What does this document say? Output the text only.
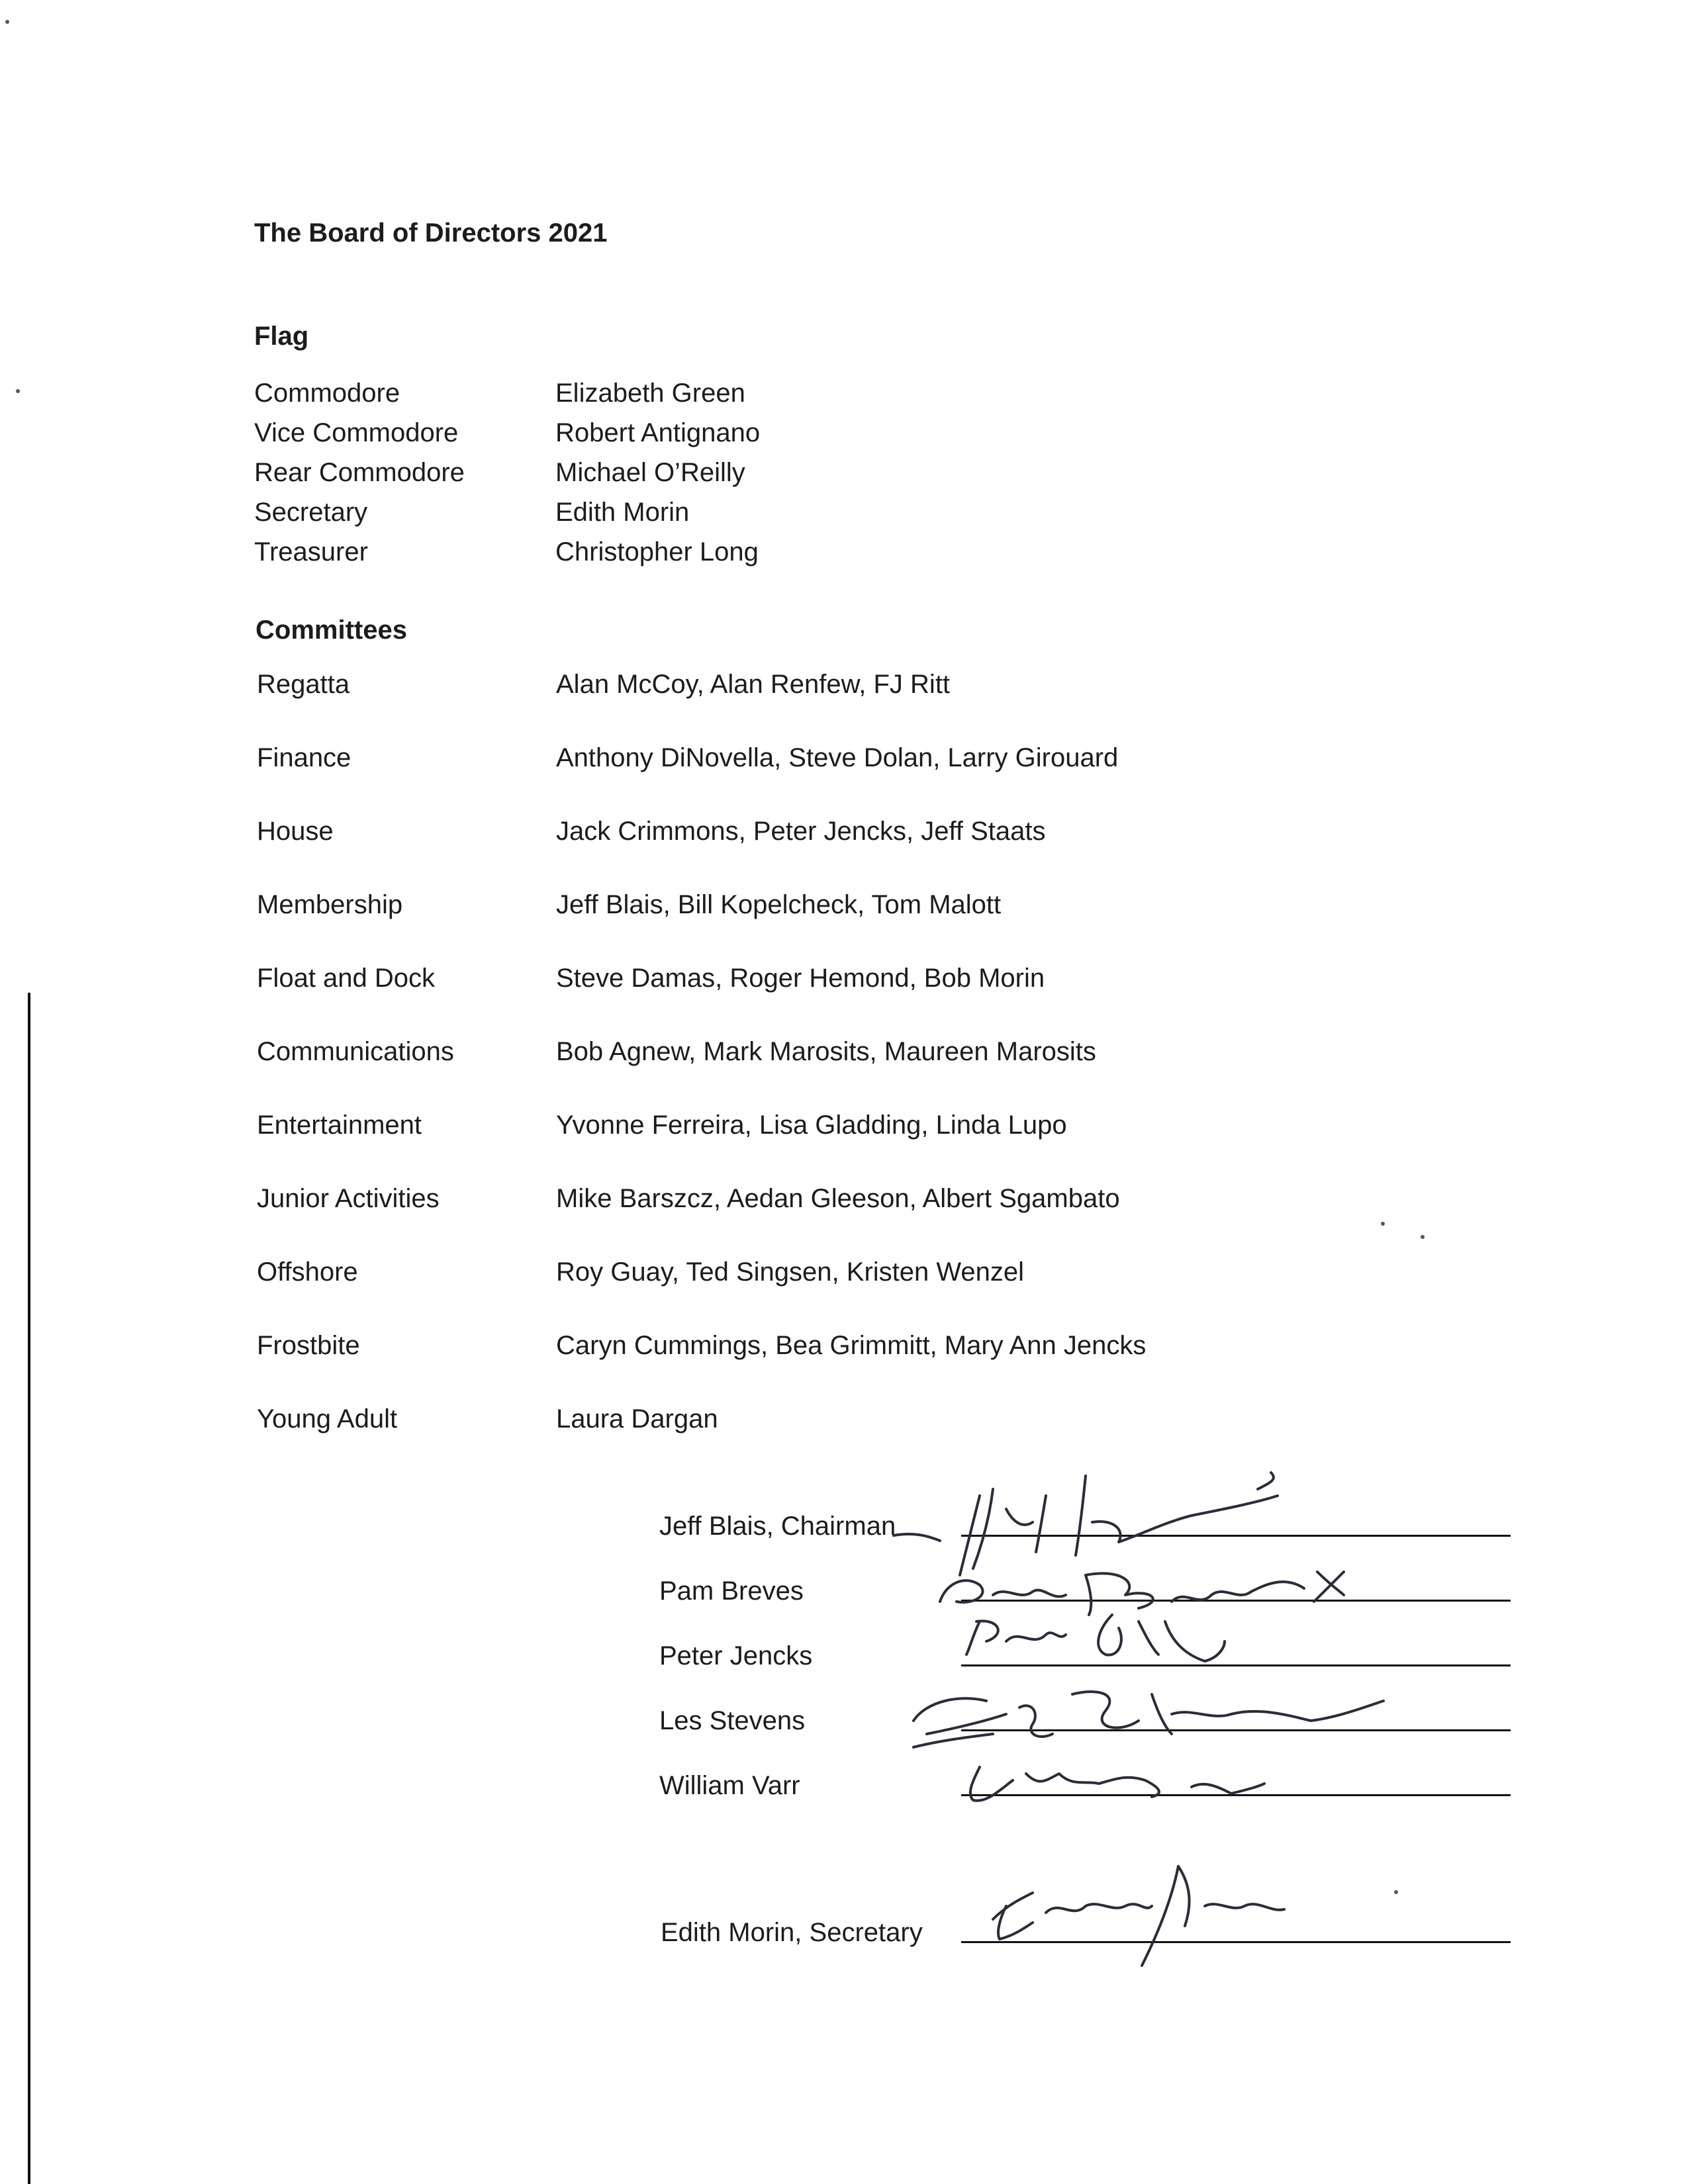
The Board of Directors 2021
Flag
Commodore	Elizabeth Green
Vice Commodore	Robert Antignano
Rear Commodore	Michael O’Reilly
Secretary	Edith Morin
Treasurer	Christopher Long
Committees
Regatta	Alan McCoy, Alan Renfew, FJ Ritt
Finance	Anthony DiNovella, Steve Dolan, Larry Girouard
House	Jack Crimmons, Peter Jencks, Jeff Staats
Membership	Jeff Blais, Bill Kopelcheck, Tom Malott
Float and Dock	Steve Damas, Roger Hemond, Bob Morin
Communications	Bob Agnew, Mark Marosits, Maureen Marosits
Entertainment	Yvonne Ferreira, Lisa Gladding, Linda Lupo
Junior Activities	Mike Barszcz, Aedan Gleeson, Albert Sgambato
Offshore	Roy Guay, Ted Singsen, Kristen Wenzel
Frostbite	Caryn Cummings, Bea Grimmitt, Mary Ann Jencks
Young Adult	Laura Dargan
Jeff Blais, Chairman
Pam Breves
Peter Jencks
Les Stevens
William Varr
Edith Morin, Secretary
